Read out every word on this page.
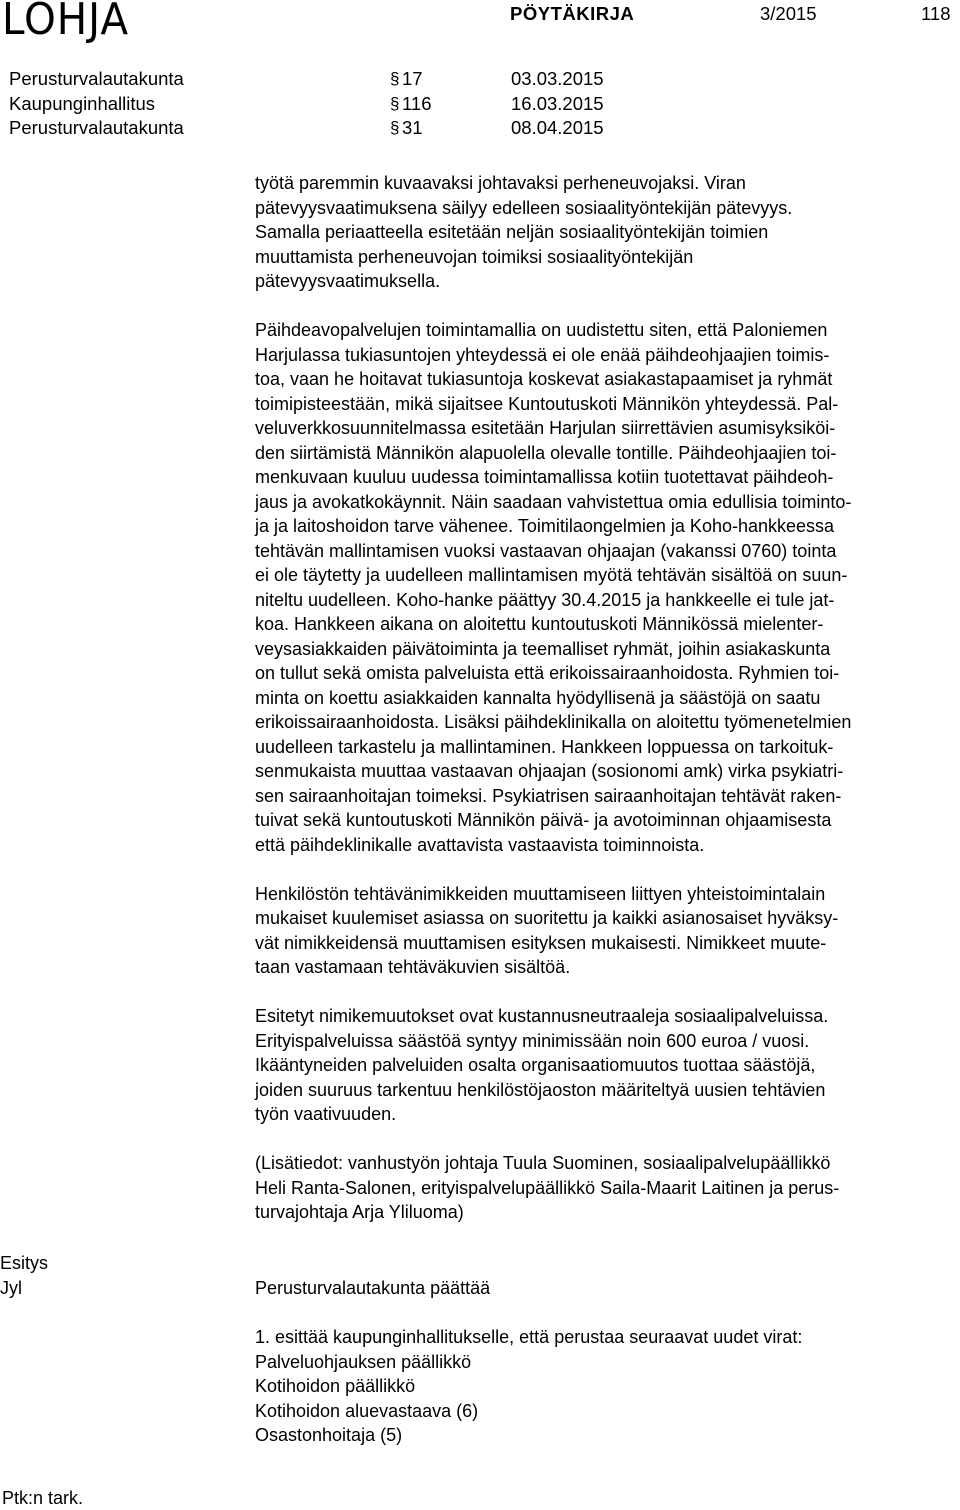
LOHJA	PÖYTÄKIRJA	3/2015	118
Perusturvalautakunta	§ 17	03.03.2015
Kaupunginhallitus	§ 116	16.03.2015
Perusturvalautakunta	§ 31	08.04.2015

työtä paremmin kuvaavaksi johtavaksi perheneuvojaksi. Viran
pätevyysvaatimuksena säilyy edelleen sosiaalityöntekijän pätevyys.
Samalla periaatteella esitetään neljän sosiaalityöntekijän toimien
muuttamista perheneuvojan toimiksi sosiaalityöntekijän
pätevyysvaatimuksella.

Päihdeavopalvelujen toimintamallia on uudistettu siten, että Paloniemen
Harjulassa tukiasuntojen yhteydessä ei ole enää päihdeohjaajien toimis-
toa, vaan he hoitavat tukiasuntoja koskevat asiakastapaamiset ja ryhmät
toimipisteestään, mikä sijaitsee Kuntoutuskoti Männikön yhteydessä. Pal-
veluverkkosuunnitelmassa esitetään Harjulan siirrettävien asumisyksiköi-
den siirtämistä Männikön alapuolella olevalle tontille. Päihdeohjaajien toi-
menkuvaan kuuluu uudessa toimintamallissa kotiin tuotettavat päihdeoh-
jaus ja avokatkokäynnit. Näin saadaan vahvistettua omia edullisia toiminto-
ja ja laitoshoidon tarve vähenee. Toimitilaongelmien ja Koho-hankkeessa
tehtävän mallintamisen vuoksi vastaavan ohjaajan (vakanssi 0760) tointa
ei ole täytetty ja uudelleen mallintamisen myötä tehtävän sisältöä on suun-
niteltu uudelleen. Koho-hanke päättyy 30.4.2015 ja hankkeelle ei tule jat-
koa. Hankkeen aikana on aloitettu kuntoutuskoti Männikössä mielenter-
veysasiakkaiden päivätoiminta ja teemalliset ryhmät, joihin asiakaskunta
on tullut sekä omista palveluista että erikoissairaanhoidosta. Ryhmien toi-
minta on koettu asiakkaiden kannalta hyödyllisenä ja säästöjä on saatu
erikoissairaanhoidosta. Lisäksi päihdeklinikalla on aloitettu työmenetelmien
uudelleen tarkastelu ja mallintaminen. Hankkeen loppuessa on tarkoituk-
senmukaista muuttaa vastaavan ohjaajan (sosionomi amk) virka psykiatri-
sen sairaanhoitajan toimeksi. Psykiatrisen sairaanhoitajan tehtävät raken-
tuivat sekä kuntoutuskoti Männikön päivä- ja avotoiminnan ohjaamisesta
että päihdeklinikalle avattavista vastaavista toiminnoista.

Henkilöstön tehtävänimikkeiden muuttamiseen liittyen yhteistoimintalain
mukaiset kuulemiset asiassa on suoritettu ja kaikki asianosaiset hyväksy-
vät nimikkeidensä muuttamisen esityksen mukaisesti. Nimikkeet muute-
taan vastamaan tehtäväkuvien sisältöä.

Esitetyt nimikemuutokset ovat kustannusneutraaleja sosiaalipalveluissa.
Erityispalveluissa säästöä syntyy minimissään noin 600 euroa / vuosi.
Ikääntyneiden palveluiden osalta organisaatiomuutos tuottaa säästöjä,
joiden suuruus tarkentuu henkilöstöjaoston määriteltyä uusien tehtävien
työn vaativuuden.

(Lisätiedot: vanhustyön johtaja Tuula Suominen, sosiaalipalvelupäällikkö
Heli Ranta-Salonen, erityispalvelupäällikkö Saila-Maarit Laitinen ja perus-
turvajohtaja Arja Yliluoma)

Esitys
Jyl	Perusturvalautakunta päättää
1. esittää kaupunginhallitukselle, että perustaa seuraavat uudet virat:
Palveluohjauksen päällikkö
Kotihoidon päällikkö
Kotihoidon aluevastaava (6)
Osastonhoitaja (5)
Ptk:n tark.
